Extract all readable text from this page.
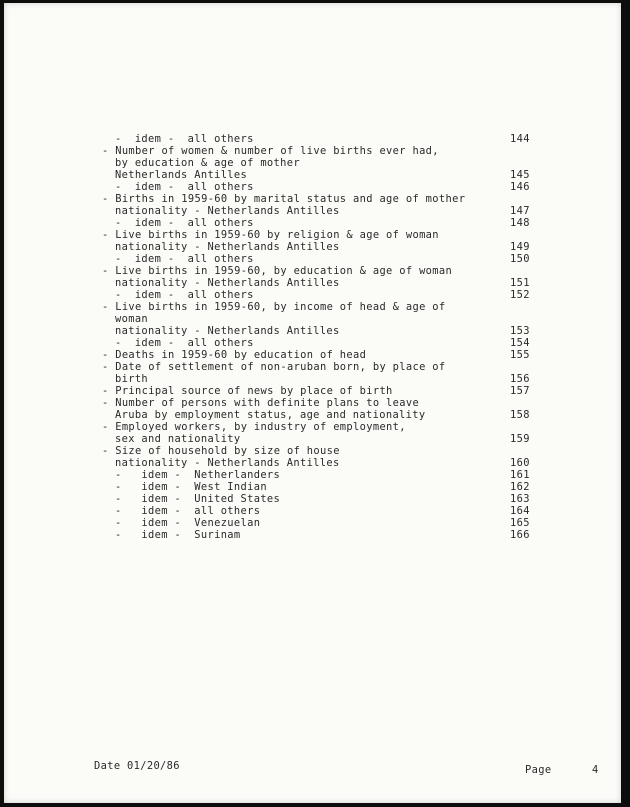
-  idem -  all others	144
- Number of women & number of live births ever had,
by education & age of mother
Netherlands Antilles	145
-  idem -  all others	146
- Births in 1959-60 by marital status and age of mother
nationality - Netherlands Antilles	147
-  idem -  all others	148
- Live births in 1959-60 by religion & age of woman
nationality - Netherlands Antilles	149
-  idem -  all others	150
- Live births in 1959-60, by education & age of woman
nationality - Netherlands Antilles	151
-  idem -  all others	152
- Live births in 1959-60, by income of head & age of
woman
nationality - Netherlands Antilles	153
-  idem -  all others	154
- Deaths in 1959-60 by education of head	155
- Date of settlement of non-aruban born, by place of
birth	156
- Principal source of news by place of birth	157
- Number of persons with definite plans to leave
Aruba by employment status, age and nationality	158
- Employed workers, by industry of employment,
sex and nationality	159
- Size of household by size of house
nationality - Netherlands Antilles	160
-   idem -  Netherlanders	161
-   idem -  West Indian	162
-   idem -  United States	163
-   idem -  all others	164
-   idem -  Venezuelan	165
-   idem -  Surinam	166
Date 01/20/86	Page	4
